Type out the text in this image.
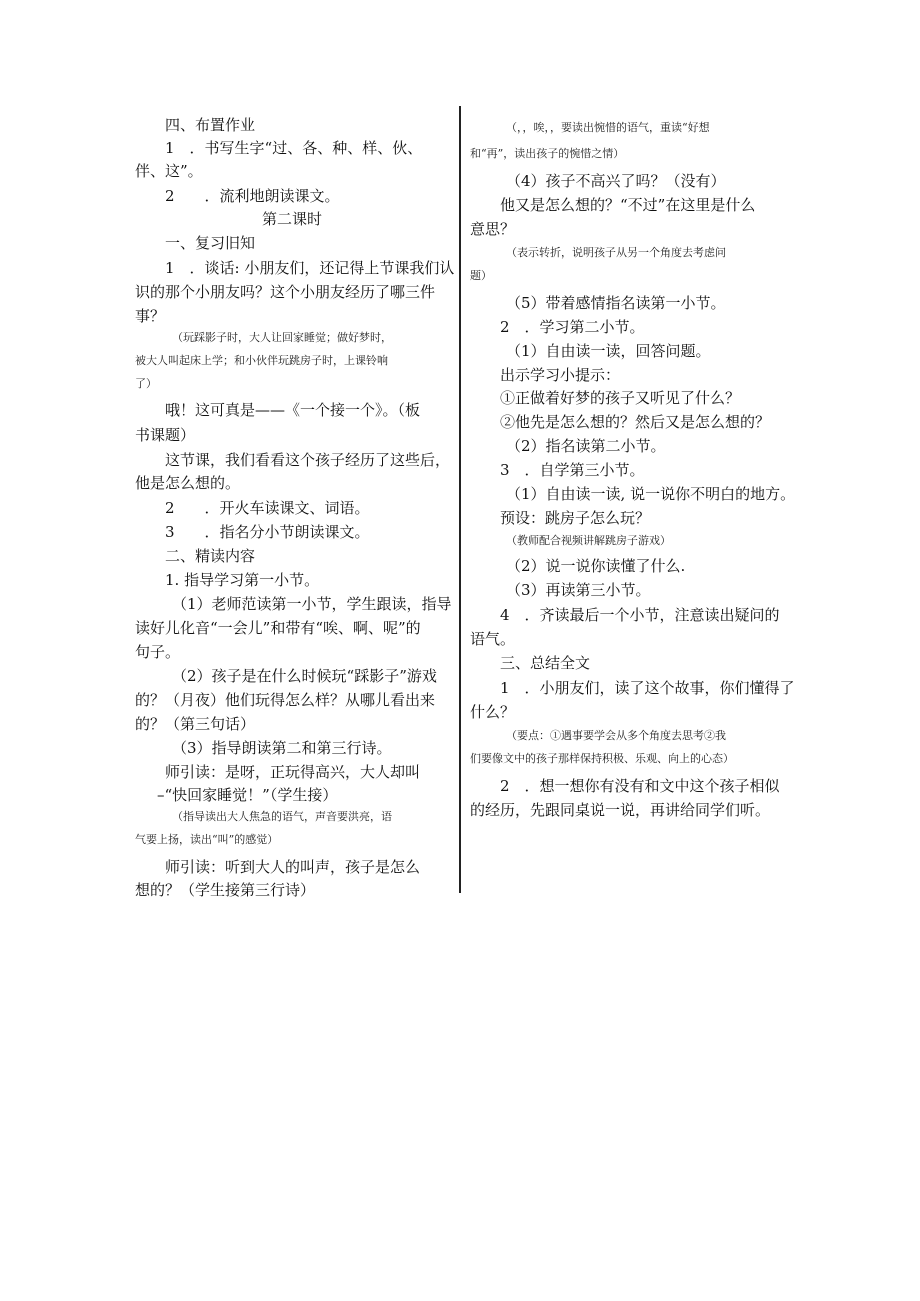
四、布置作业
1　．书写生字“过、各、种、样、伙、
伴、这”。
2　　．流利地朗读课文。
第二课时
一、复习旧知
1　．谈话: 小朋友们，还记得上节课我们认
识的那个小朋友吗？这个小朋友经历了哪三件
事？
（玩踩影子时，大人让回家睡觉；做好梦时，
被大人叫起床上学；和小伙伴玩跳房子时，上课铃响
了）
哦！这可真是——《一个接一个》。（板
书课题）
这节课，我们看看这个孩子经历了这些后，
他是怎么想的。
2　　．开火车读课文、词语。
3　　．指名分小节朗读课文。
二、精读内容
1. 指导学习第一小节。
（1）老师范读第一小节，学生跟读，指导
读好儿化音“一会儿”和带有“唉、啊、呢”的
句子。
（2）孩子是在什么时候玩“踩影子”游戏
的？（月夜）他们玩得怎么样？从哪儿看出来
的？（第三句话）
（3）指导朗读第二和第三行诗。
师引读：是呀，正玩得高兴，大人却叫
–“快回家睡觉！”（学生接）
（指导读出大人焦急的语气，声音要洪亮，语
气要上扬，读出“叫”的感觉）
师引读：听到大人的叫声，孩子是怎么
想的？（学生接第三行诗）
（，，唉，，要读出惋惜的语气，重读“好想
和“再”，读出孩子的惋惜之情）
（4）孩子不高兴了吗？（没有）
他又是怎么想的？“不过”在这里是什么
意思？
（表示转折，说明孩子从另一个角度去考虑问
题）
（5）带着感情指名读第一小节。
2　．学习第二小节。
（1）自由读一读，回答问题。
出示学习小提示：
①正做着好梦的孩子又听见了什么？
②他先是怎么想的？然后又是怎么想的？
（2）指名读第二小节。
3　．自学第三小节。
（1）自由读一读, 说一说你不明白的地方。
预设：跳房子怎么玩？
（教师配合视频讲解跳房子游戏）
（2）说一说你读懂了什么.
（3）再读第三小节。
4　．齐读最后一个小节，注意读出疑问的
语气。
三、总结全文
1　．小朋友们，读了这个故事，你们懂得了
什么？
（要点：①遇事要学会从多个角度去思考②我
们要像文中的孩子那样保持积极、乐观、向上的心态）
2　．想一想你有没有和文中这个孩子相似
的经历，先跟同桌说一说，再讲给同学们听。
